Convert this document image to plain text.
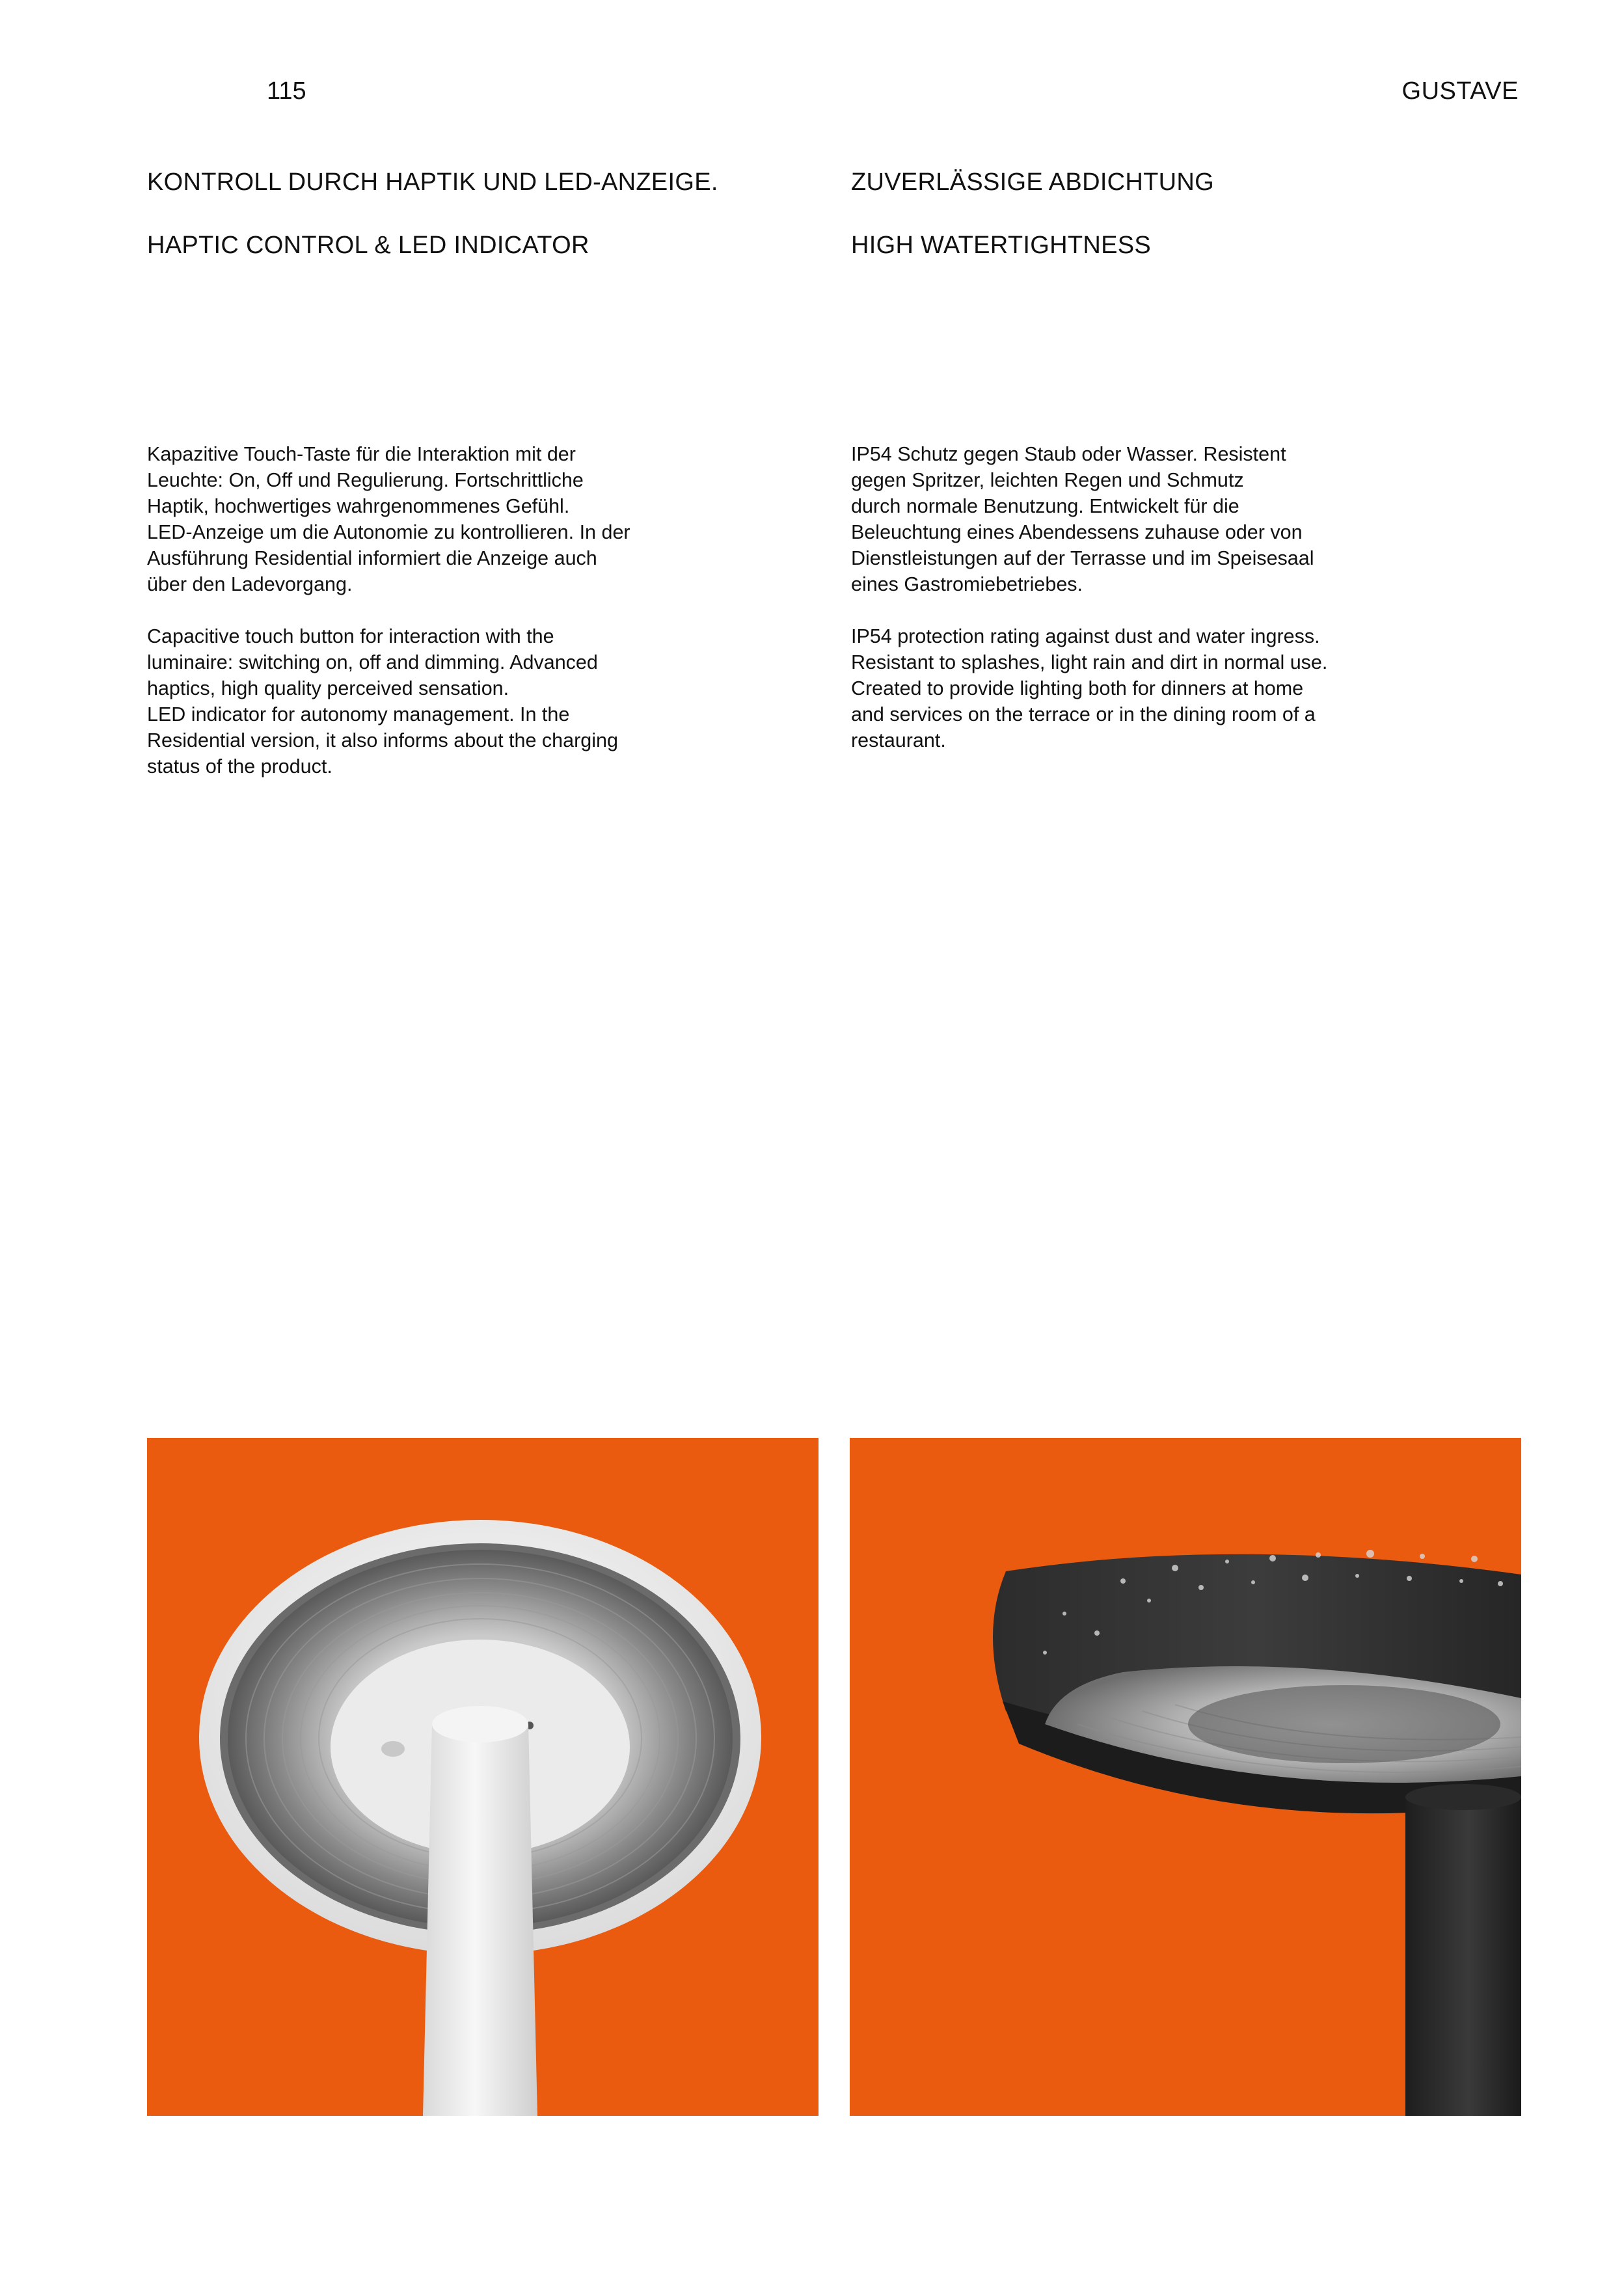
115	GUSTAVE
KONTROLL DURCH HAPTIK UND LED-ANZEIGE.
HAPTIC CONTROL & LED INDICATOR
ZUVERLÄSSIGE ABDICHTUNG
HIGH WATERTIGHTNESS

Kapazitive Touch-Taste für die Interaktion mit der
Leuchte: On, Off und Regulierung. Fortschrittliche
Haptik, hochwertiges wahrgenommenes Gefühl.
LED-Anzeige um die Autonomie zu kontrollieren. In der
Ausführung Residential informiert die Anzeige auch
über den Ladevorgang.

Capacitive touch button for interaction with the
luminaire: switching on, off and dimming. Advanced
haptics, high quality perceived sensation.
LED indicator for autonomy management. In the
Residential version, it also informs about the charging
status of the product.

IP54 Schutz gegen Staub oder Wasser. Resistent
gegen Spritzer, leichten Regen und Schmutz
durch normale Benutzung. Entwickelt für die
Beleuchtung eines Abendessens zuhause oder von
Dienstleistungen auf der Terrasse und im Speisesaal
eines Gastromiebetriebes.

IP54 protection rating against dust and water ingress.
Resistant to splashes, light rain and dirt in normal use.
Created to provide lighting both for dinners at home
and services on the terrace or in the dining room of a
restaurant.
